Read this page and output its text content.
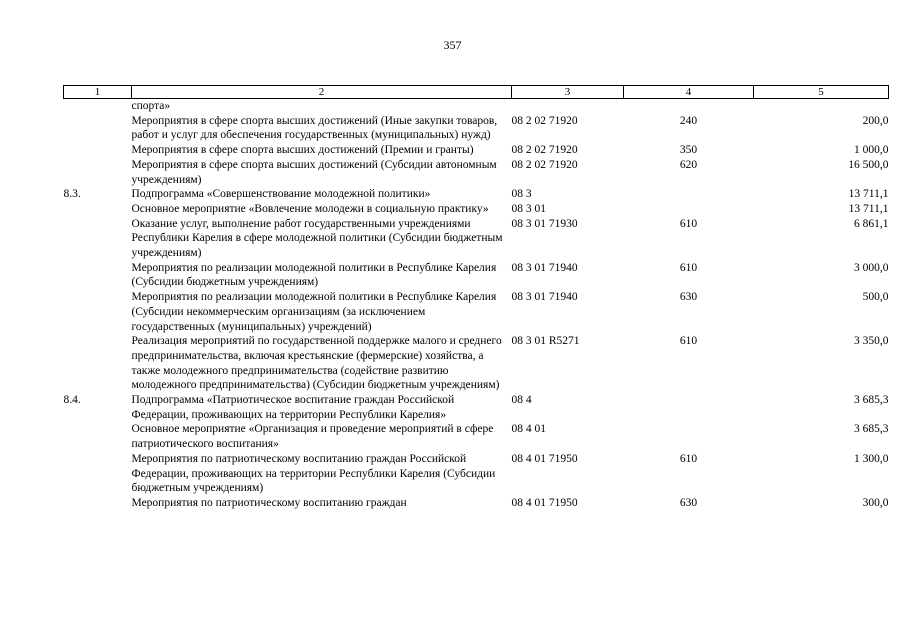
357
1	2	3	4	5
	спорта»			
	Мероприятия в сфере спорта высших достижений (Иные закупки товаров, работ и услуг для обеспечения государственных (муниципальных) нужд)	08 2 02 71920	240	200,0
	Мероприятия в сфере спорта высших достижений (Премии и гранты)	08 2 02 71920	350	1 000,0
	Мероприятия в сфере спорта высших достижений (Субсидии автономным учреждениям)	08 2 02 71920	620	16 500,0
8.3.	Подпрограмма «Совершенствование молодежной политики»	08 3		13 711,1
	Основное мероприятие «Вовлечение молодежи в социальную практику»	08 3 01		13 711,1
	Оказание услуг, выполнение работ государственными учреждениями Республики Карелия в сфере молодежной политики (Субсидии бюджетным учреждениям)	08 3 01 71930	610	6 861,1
	Мероприятия по реализации молодежной политики в Республике Карелия (Субсидии бюджетным учреждениям)	08 3 01 71940	610	3 000,0
	Мероприятия по реализации молодежной политики в Республике Карелия (Субсидии некоммерческим организациям (за исключением государственных (муниципальных) учреждений)	08 3 01 71940	630	500,0
	Реализация мероприятий по государственной поддержке малого и среднего предпринимательства, включая крестьянские (фермерские) хозяйства, а также молодежного предпринимательства (содействие развитию молодежного предпринимательства) (Субсидии бюджетным учреждениям)	08 3 01 R5271	610	3 350,0
8.4.	Подпрограмма «Патриотическое воспитание граждан Российской Федерации, проживающих на территории Республики Карелия»	08 4		3 685,3
	Основное мероприятие «Организация и проведение мероприятий в сфере патриотического воспитания»	08 4 01		3 685,3
	Мероприятия по патриотическому воспитанию граждан Российской Федерации, проживающих на территории Республики Карелия (Субсидии бюджетным учреждениям)	08 4 01 71950	610	1 300,0
	Мероприятия по патриотическому воспитанию граждан	08 4 01 71950	630	300,0
